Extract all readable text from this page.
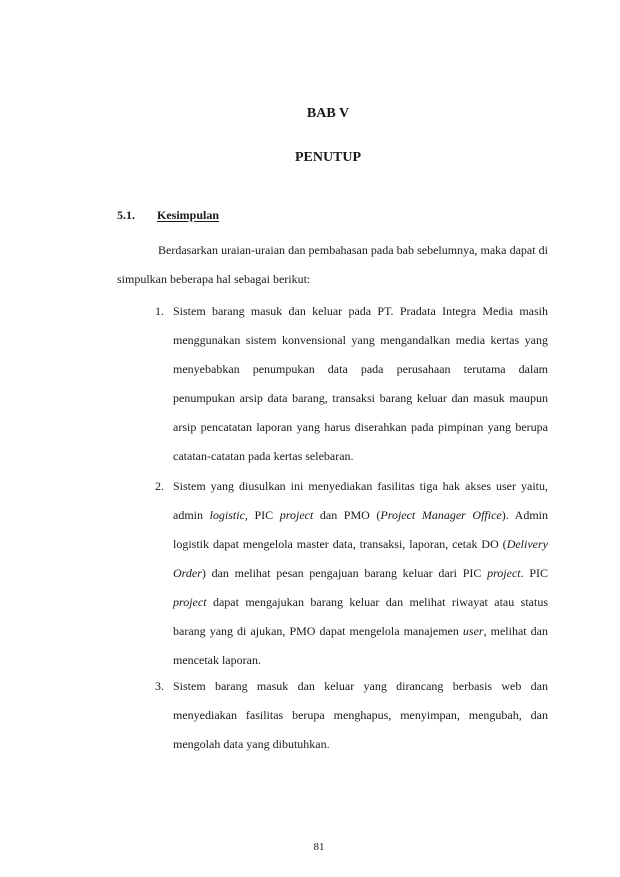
BAB V
PENUTUP
5.1. Kesimpulan

Berdasarkan uraian-uraian dan pembahasan pada bab sebelumnya, maka dapat di simpulkan beberapa hal sebagai berikut:

1. Sistem barang masuk dan keluar pada PT. Pradata Integra Media masih menggunakan sistem konvensional yang mengandalkan media kertas yang menyebabkan penumpukan data pada perusahaan terutama dalam penumpukan arsip data barang, transaksi barang keluar dan masuk maupun arsip pencatatan laporan yang harus diserahkan pada pimpinan yang berupa catatan-catatan pada kertas selebaran.

2. Sistem yang diusulkan ini menyediakan fasilitas tiga hak akses user yaitu, admin logistic, PIC project dan PMO (Project Manager Office). Admin logistik dapat mengelola master data, transaksi, laporan, cetak DO (Delivery Order) dan melihat pesan pengajuan barang keluar dari PIC project. PIC project dapat mengajukan barang keluar dan melihat riwayat atau status barang yang di ajukan, PMO dapat mengelola manajemen user, melihat dan mencetak laporan.

3. Sistem barang masuk dan keluar yang dirancang berbasis web dan menyediakan fasilitas berupa menghapus, menyimpan, mengubah, dan mengolah data yang dibutuhkan.

81
